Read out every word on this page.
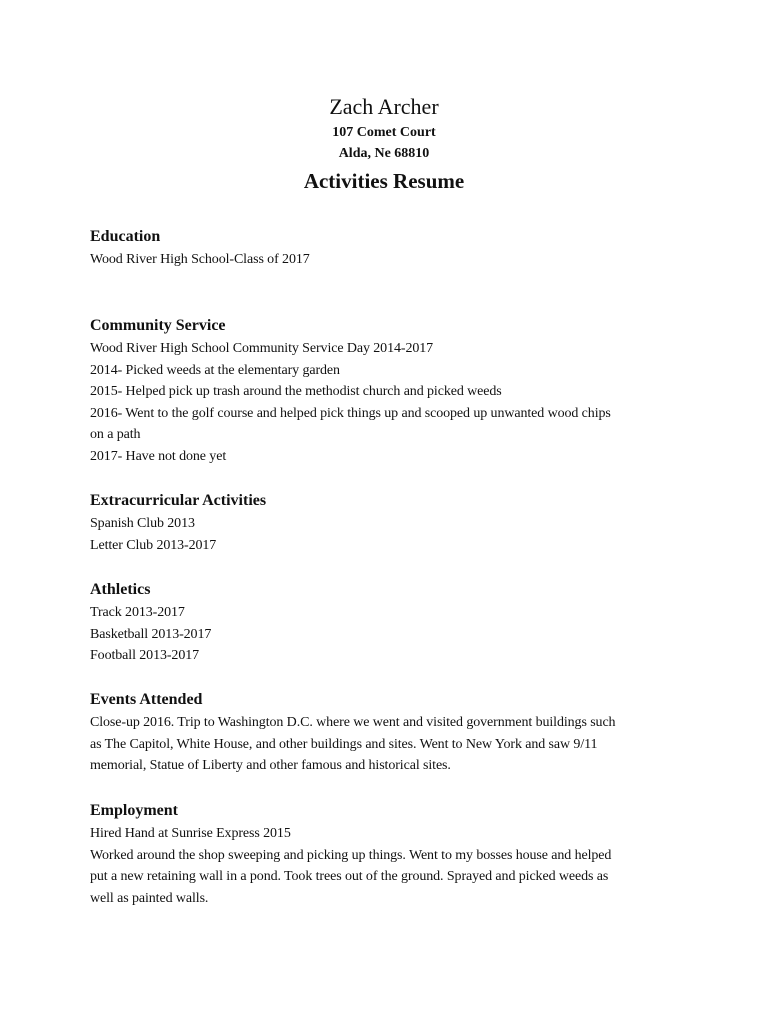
Zach Archer

107 Comet Court

Alda, Ne 68810

Activities Resume

Education

Wood River High School-Class of 2017

Community Service

Wood River High School Community Service Day 2014-2017

2014- Picked weeds at the elementary garden

2015- Helped pick up trash around the methodist church and picked weeds

2016- Went to the golf course and helped pick things up and scooped up unwanted wood chips

on a path

2017- Have not done yet

Extracurricular Activities

Spanish Club 2013

Letter Club 2013-2017

Athletics

Track 2013-2017

Basketball 2013-2017

Football 2013-2017

Events Attended

Close-up 2016. Trip to Washington D.C. where we went and visited government buildings such

as The Capitol, White House, and other buildings and sites. Went to New York and saw 9/11

memorial, Statue of Liberty and other famous and historical sites.

Employment

Hired Hand at Sunrise Express 2015

Worked around the shop sweeping and picking up things. Went to my bosses house and helped

put a new retaining wall in a pond. Took trees out of the ground. Sprayed and picked weeds as

well as painted walls.
